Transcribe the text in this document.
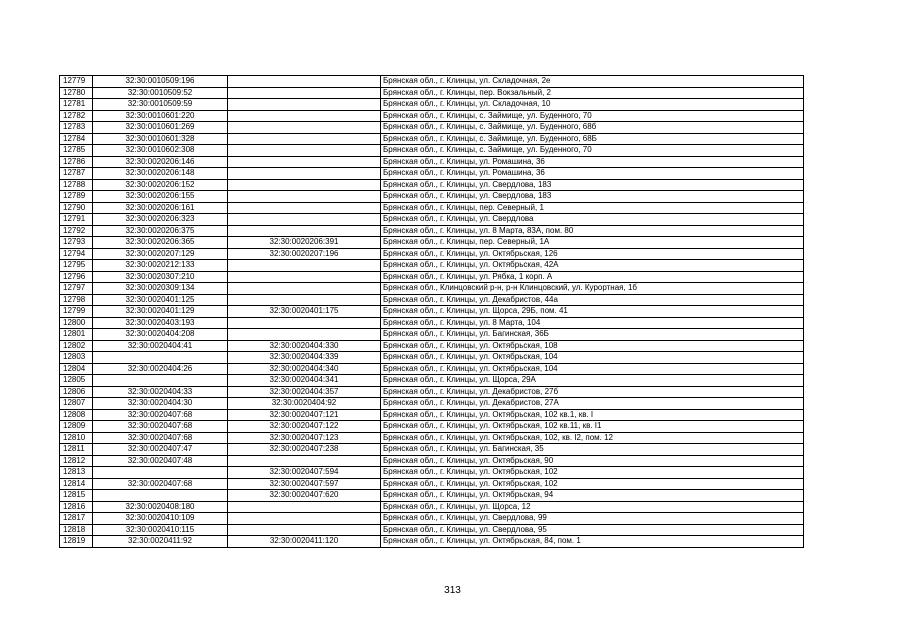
12779	32:30:0010509:196		Брянская обл., г. Клинцы, ул. Складочная, 2е
12780	32:30:0010509:52		Брянская обл., г. Клинцы, пер. Вокзальный, 2
12781	32:30:0010509:59		Брянская обл., г. Клинцы, ул. Складочная, 10
12782	32:30:0010601:220		Брянская обл., г. Клинцы, с. Займище, ул. Буденного, 70
12783	32:30:0010601:269		Брянская обл., г. Клинцы, с. Займище, ул. Буденного, 68б
12784	32:30:0010601:328		Брянская обл., г. Клинцы, с. Займище, ул. Буденного, 68Б
12785	32:30:0010602:308		Брянская обл., г. Клинцы, с. Займище, ул. Буденного, 70
12786	32:30:0020206:146		Брянская обл., г. Клинцы, ул. Ромашина, 36
12787	32:30:0020206:148		Брянская обл., г. Клинцы, ул. Ромашина, 36
12788	32:30:0020206:152		Брянская обл., г. Клинцы, ул. Свердлова, 183
12789	32:30:0020206:155		Брянская обл., г. Клинцы, ул. Свердлова, 183
12790	32:30:0020206:161		Брянская обл., г. Клинцы, пер. Северный, 1
12791	32:30:0020206:323		Брянская обл., г. Клинцы, ул. Свердлова
12792	32:30:0020206:375		Брянская обл., г. Клинцы, ул. 8 Марта, 83А, пом. 80
12793	32:30:0020206:365	32:30:0020206:391	Брянская обл., г. Клинцы, пер. Северный, 1А
12794	32:30:0020207:129	32:30:0020207:196	Брянская обл., г. Клинцы, ул. Октябрьская, 126
12795	32:30:0020212:133		Брянская обл., г. Клинцы, ул. Октябрьская, 42А
12796	32:30:0020307:210		Брянская обл., г. Клинцы, ул. Рябка, 1 корп. А
12797	32:30:0020309:134		Брянская обл., Клинцовский р-н, р-н Клинцовский, ул. Курортная, 1б
12798	32:30:0020401:125		Брянская обл., г. Клинцы, ул. Декабристов, 44а
12799	32:30:0020401:129	32:30:0020401:175	Брянская обл., г. Клинцы, ул. Щорса, 29Б, пом. 41
12800	32:30:0020403:193		Брянская обл., г. Клинцы, ул. 8 Марта, 104
12801	32:30:0020404:208		Брянская обл., г. Клинцы, ул. Багинская, 36Б
12802	32:30:0020404:41	32:30:0020404:330	Брянская обл., г. Клинцы, ул. Октябрьская, 108
12803		32:30:0020404:339	Брянская обл., г. Клинцы, ул. Октябрьская, 104
12804	32:30:0020404:26	32:30:0020404:340	Брянская обл., г. Клинцы, ул. Октябрьская, 104
12805		32:30:0020404:341	Брянская обл., г. Клинцы, ул. Щорса, 29А
12806	32:30:0020404:33	32:30:0020404:357	Брянская обл., г. Клинцы, ул. Декабристов, 27б
12807	32:30:0020404:30	32:30:0020404:92	Брянская обл., г. Клинцы, ул. Декабристов, 27А
12808	32:30:0020407:68	32:30:0020407:121	Брянская обл., г. Клинцы, ул. Октябрьская, 102 кв.1, кв. I
12809	32:30:0020407:68	32:30:0020407:122	Брянская обл., г. Клинцы, ул. Октябрьская, 102 кв.11, кв. I1
12810	32:30:0020407:68	32:30:0020407:123	Брянская обл., г. Клинцы, ул. Октябрьская, 102, кв. I2, пом. 12
12811	32:30:0020407:47	32:30:0020407:238	Брянская обл., г. Клинцы, ул. Багинская, 35
12812	32:30:0020407:48		Брянская обл., г. Клинцы, ул. Октябрьская, 90
12813		32:30:0020407:594	Брянская обл., г. Клинцы, ул. Октябрьская, 102
12814	32:30:0020407:68	32:30:0020407:597	Брянская обл., г. Клинцы, ул. Октябрьская, 102
12815		32:30:0020407:620	Брянская обл., г. Клинцы, ул. Октябрьская, 94
12816	32:30:0020408:180		Брянская обл., г. Клинцы, ул. Щорса, 12
12817	32:30:0020410:109		Брянская обл., г. Клинцы, ул. Свердлова, 99
12818	32:30:0020410:115		Брянская обл., г. Клинцы, ул. Свердлова, 95
12819	32:30:0020411:92	32:30:0020411:120	Брянская обл., г. Клинцы, ул. Октябрьская, 84, пом. 1
313
